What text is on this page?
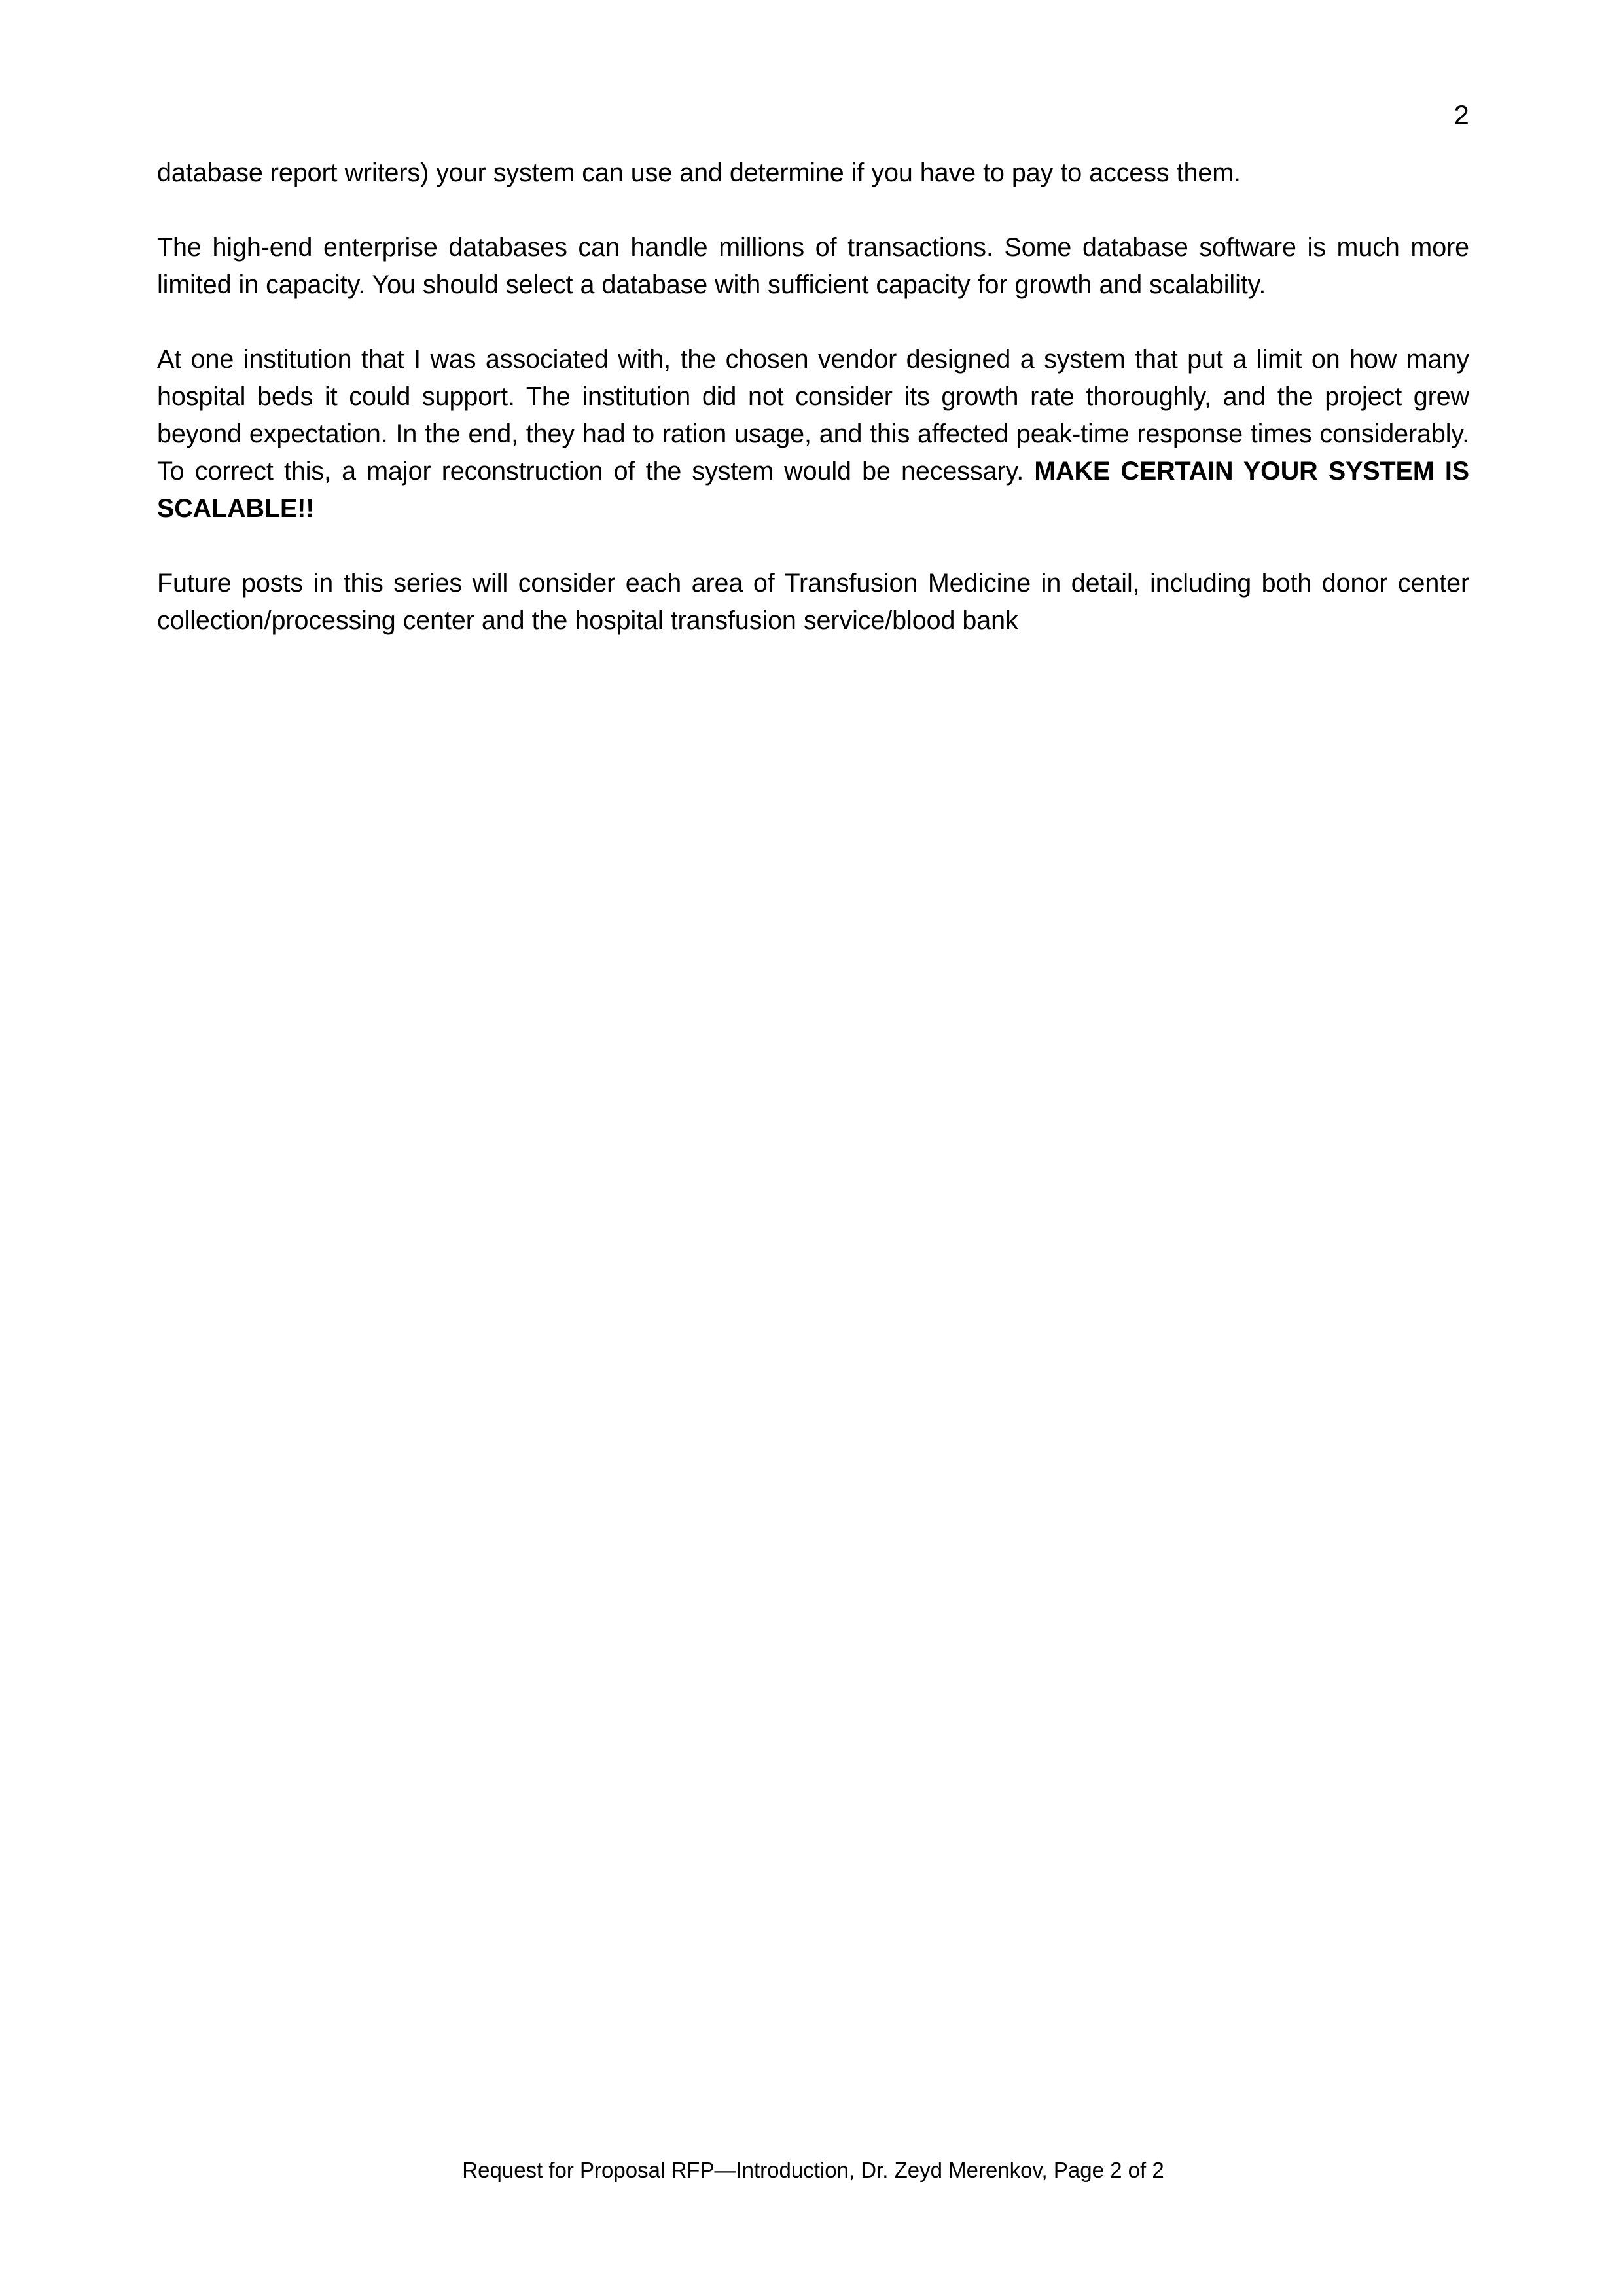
2

database report writers) your system can use and determine if you have to pay to access them.

The high-end enterprise databases can handle millions of transactions. Some database software is much more limited in capacity. You should select a database with sufficient capacity for growth and scalability.

At one institution that I was associated with, the chosen vendor designed a system that put a limit on how many hospital beds it could support. The institution did not consider its growth rate thoroughly, and the project grew beyond expectation. In the end, they had to ration usage, and this affected peak-time response times considerably. To correct this, a major reconstruction of the system would be necessary. MAKE CERTAIN YOUR SYSTEM IS SCALABLE!!

Future posts in this series will consider each area of Transfusion Medicine in detail, including both donor center collection/processing center and the hospital transfusion service/blood bank

Request for Proposal RFP—Introduction, Dr. Zeyd Merenkov, Page 2 of 2
